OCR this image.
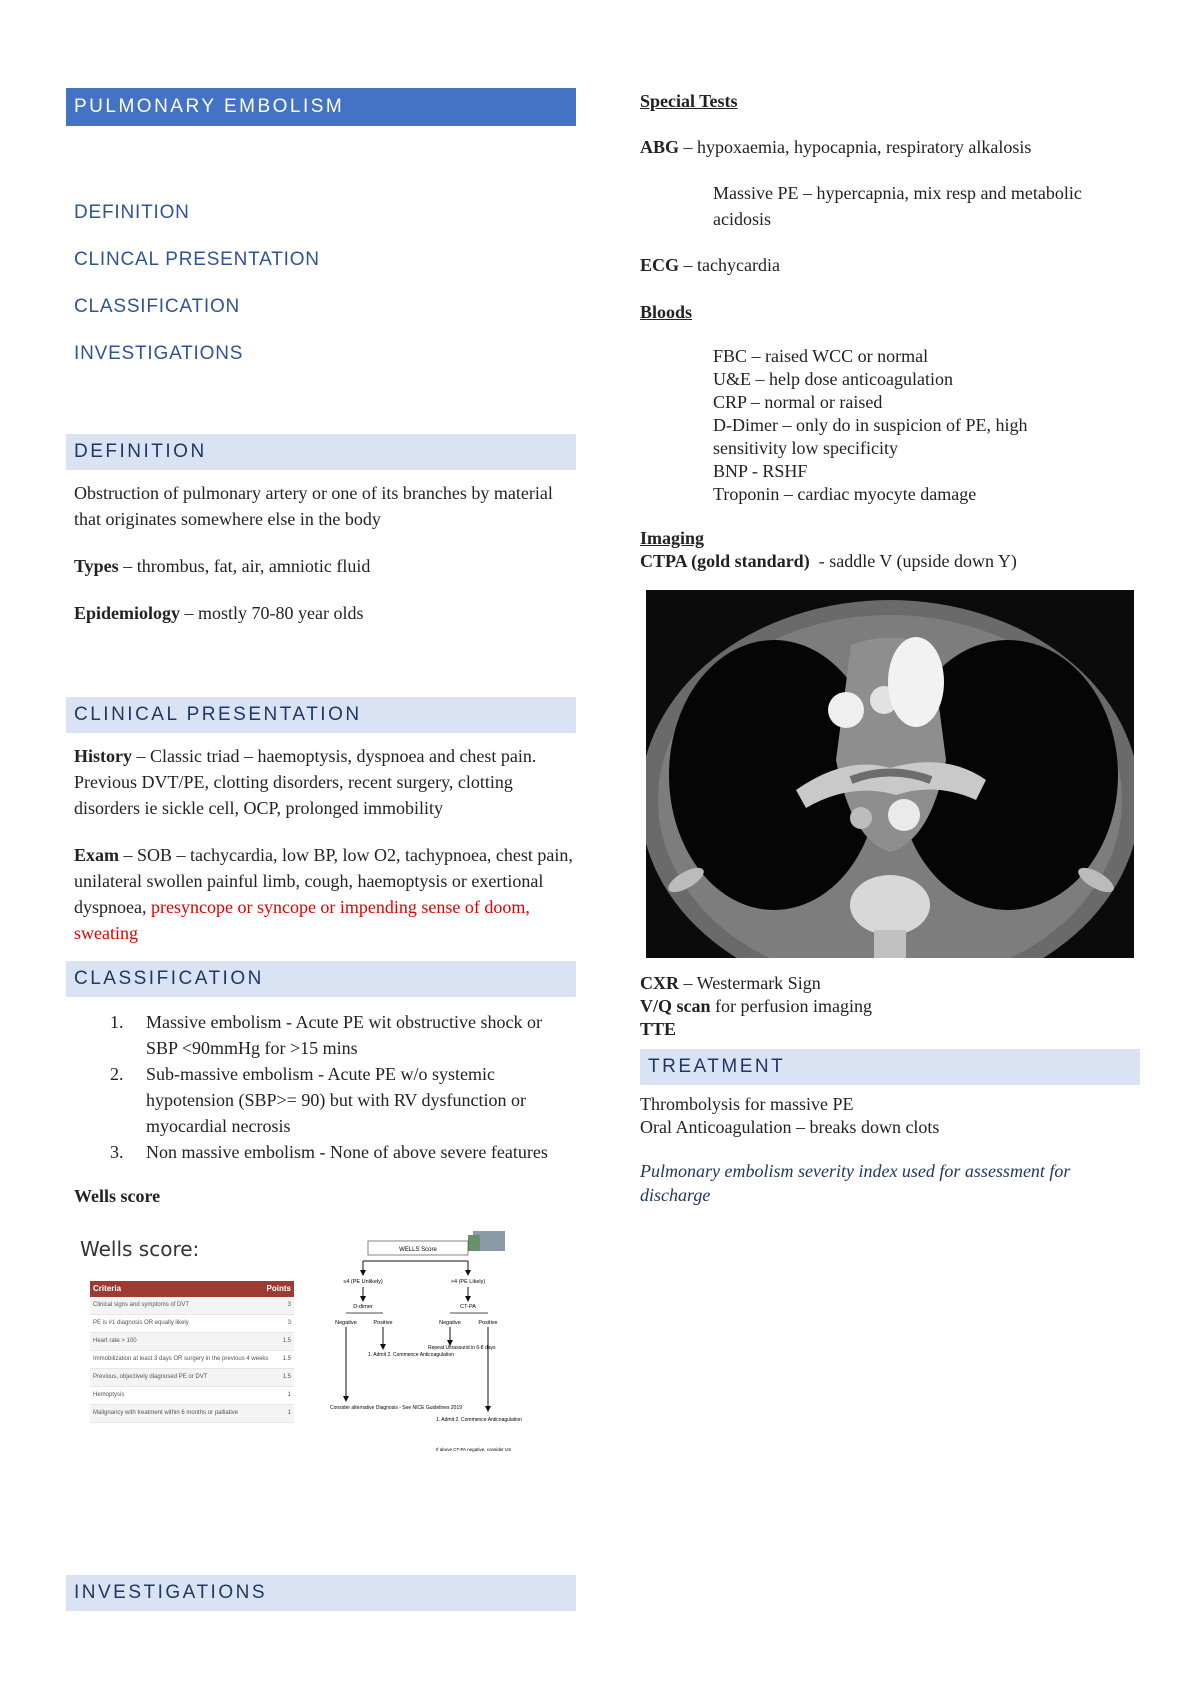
PULMONARY EMBOLISM
DEFINITION
CLINCAL PRESENTATION
CLASSIFICATION
INVESTIGATIONS
DEFINITION

Obstruction of pulmonary artery or one of its branches by material that originates somewhere else in the body

Types – thrombus, fat, air, amniotic fluid

Epidemiology – mostly 70-80 year olds

CLINICAL PRESENTATION

History – Classic triad – haemoptysis, dyspnoea and chest pain. Previous DVT/PE, clotting disorders, recent surgery, clotting disorders ie sickle cell, OCP, prolonged immobility

Exam – SOB – tachycardia, low BP, low O2, tachypnoea, chest pain, unilateral swollen painful limb, cough, haemoptysis or exertional dyspnoea, presyncope or syncope or impending sense of doom, sweating

CLASSIFICATION
1. Massive embolism - Acute PE wit obstructive shock or SBP <90mmHg for >15 mins
2. Sub-massive embolism - Acute PE w/o systemic hypotension (SBP>= 90) but with RV dysfunction or myocardial necrosis
3. Non massive embolism - None of above severe features

Wells score

Wells score:
Criteria	Points
Clinical signs and symptoms of DVT	3
PE is #1 diagnosis OR equally likely	3
Heart rate > 100	1.5
Immobilization at least 3 days OR surgery in the previous 4 weeks 1.5
Previous, objectively diagnosed PE or DVT	1.5
Hemoptysis	1
Malignancy with treatment within 6 months or palliative	1
WELLS Score
≤4 (PE Unlikely)	>4 (PE Likely)
D-dimer	CT-PA
Negative	Positive	Negative	Positive
1. Admit 2. Commence Anticoagulation
Repeat Ultrasound in 6-8 days
Consider alternative Diagnosis - See NICE Guidelines 2019
1. Admit 2. Commence Anticoagulation
If above CT-PA negative, consider US
INVESTIGATIONS

Special Tests

ABG – hypoxaemia, hypocapnia, respiratory alkalosis

Massive PE – hypercapnia, mix resp and metabolic acidosis

ECG – tachycardia

Bloods

FBC – raised WCC or normal
U&E – help dose anticoagulation
CRP – normal or raised
D-Dimer – only do in suspicion of PE, high sensitivity low specificity
BNP - RSHF
Troponin – cardiac myocyte damage

Imaging

CTPA (gold standard)  - saddle V (upside down Y)

CXR – Westermark Sign

V/Q scan for perfusion imaging

TTE

TREATMENT

Thrombolysis for massive PE

Oral Anticoagulation – breaks down clots

Pulmonary embolism severity index used for assessment for discharge
